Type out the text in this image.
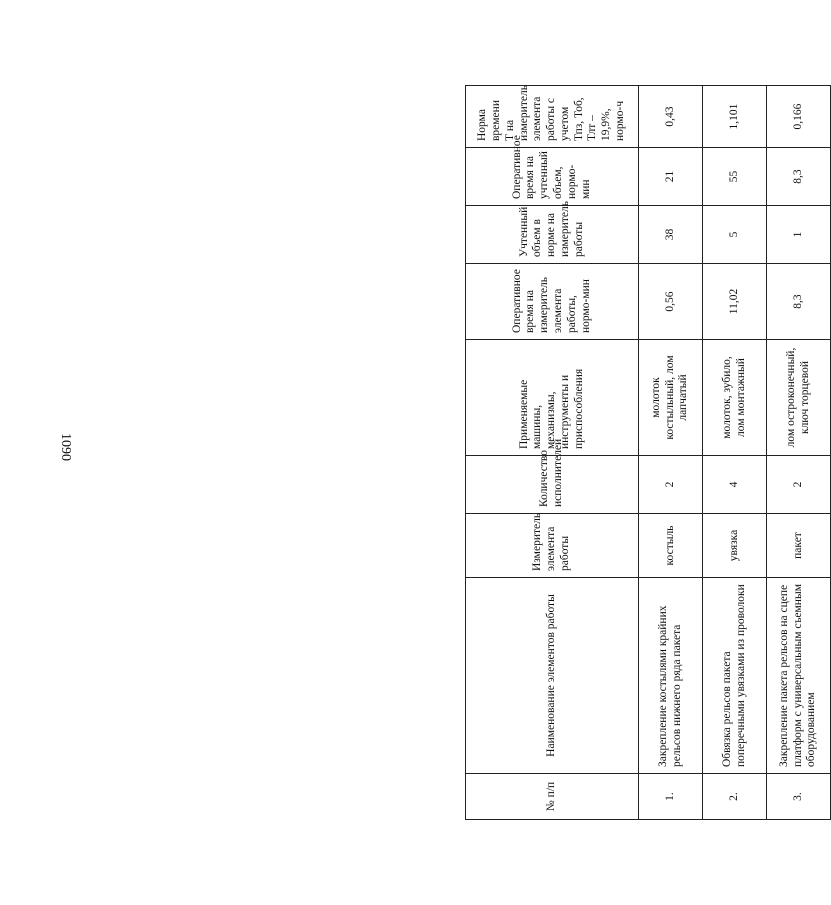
1090
№ п/п	Наименование элементов работы	Измеритель элемента работы	Количество исполнителей	Применяемые машины, механизмы, инструменты и приспособления	Оперативное время на измеритель элемента работы, нормо-мин	Учтенный объем в норме на измеритель работы	Оперативное время на учтенный объем, нормо-мин	Норма времени Т на измеритель элемента работы с учетом Тпз, Тоб, Тлт – 19,9%, нормо-ч
1.	Закрепление костылями крайних рельсов нижнего ряда пакета	костыль	2	молоток костыльный, лом лапчатый	0,56	38	21	0,43
2.	Обвязка рельсов пакета поперечными увязками из проволоки	увязка	4	молоток, зубило, лом монтажный	11,02	5	55	1,101
3.	Закрепление пакета рельсов на сцепе платформ с универсальным съемным оборудованием	пакет	2	лом остроконечный, ключ торцевой	8,3	1	8,3	0,166
